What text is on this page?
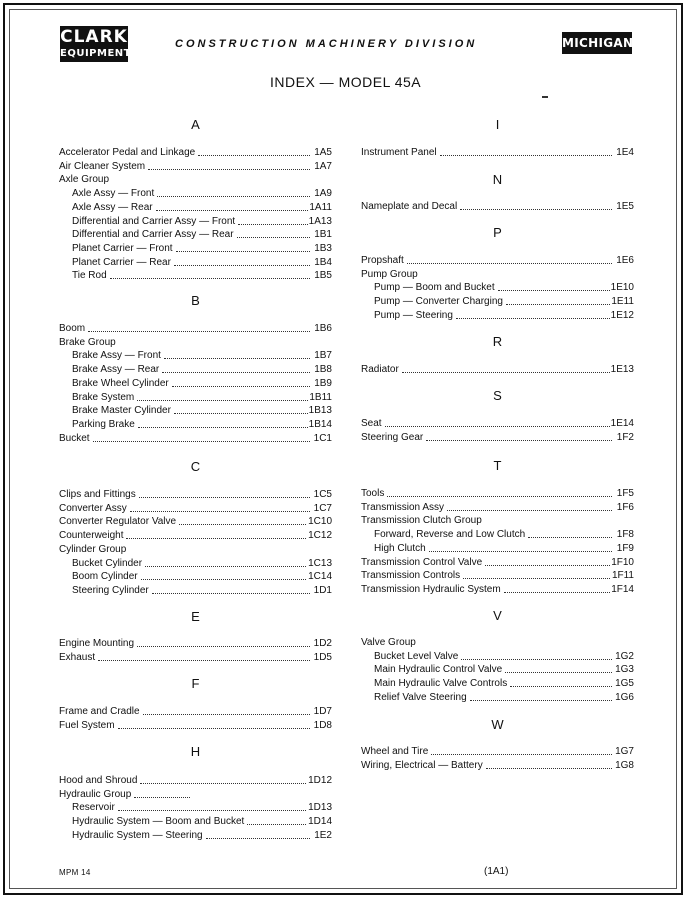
CLARK
EQUIPMENT
CONSTRUCTION MACHINERY DIVISION	MICHIGAN
INDEX — MODEL 45A
A
Accelerator Pedal and Linkage	1A5
Air Cleaner System	1A7
Axle Group
Axle Assy — Front	1A9
Axle Assy — Rear	1A11
Differential and Carrier Assy — Front	1A13
Differential and Carrier Assy — Rear	1B1
Planet Carrier — Front	1B3
Planet Carrier — Rear	1B4
Tie Rod	1B5
B
Boom	1B6
Brake Group
Brake Assy — Front	1B7
Brake Assy — Rear	1B8
Brake Wheel Cylinder	1B9
Brake System	1B11
Brake Master Cylinder	1B13
Parking Brake	1B14
Bucket	1C1
C
Clips and Fittings	1C5
Converter Assy	1C7
Converter Regulator Valve	1C10
Counterweight	1C12
Cylinder Group
Bucket Cylinder	1C13
Boom Cylinder	1C14
Steering Cylinder	1D1
E
Engine Mounting	1D2
Exhaust	1D5
F
Frame and Cradle	1D7
Fuel System	1D8
H
Hood and Shroud	1D12
Hydraulic Group
Reservoir	1D13
Hydraulic System — Boom and Bucket	1D14
Hydraulic System — Steering	1E2
I
Instrument Panel	1E4
N
Nameplate and Decal	1E5
P
Propshaft	1E6
Pump Group
Pump — Boom and Bucket	1E10
Pump — Converter Charging	1E11
Pump — Steering	1E12
R
Radiator	1E13
S
Seat	1E14
Steering Gear	1F2
T
Tools	1F5
Transmission Assy	1F6
Transmission Clutch Group
Forward, Reverse and Low Clutch	1F8
High Clutch	1F9
Transmission Control Valve	1F10
Transmission Controls	1F11
Transmission Hydraulic System	1F14
V
Valve Group
Bucket Level Valve	1G2
Main Hydraulic Control Valve	1G3
Main Hydraulic Valve Controls	1G5
Relief Valve Steering	1G6
W
Wheel and Tire	1G7
Wiring, Electrical — Battery	1G8
MPM 14	(1A1)
